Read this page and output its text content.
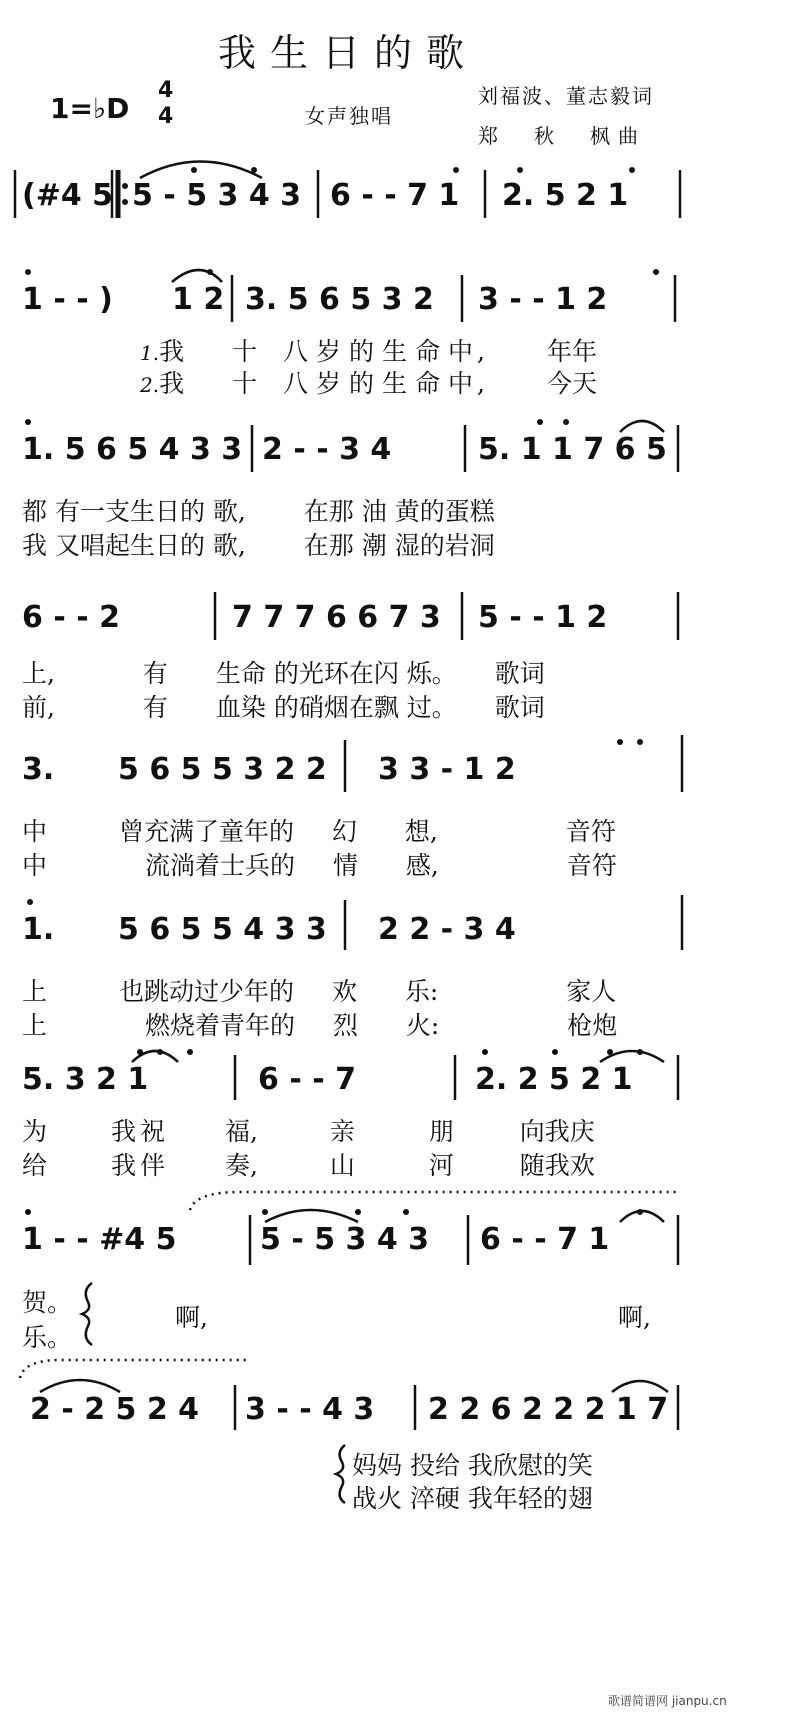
我生日的歌
1=♭D
4
4	女声独唱
刘福波、董志毅词
郑　秋　枫曲
(#4 5 5 - 5 3 4 3 6 - - 7 1 2. 5 2 1
1 - - ) 1 2 3. 5 6 5 3 2 3 - - 1 2
1.我 十 八岁的生命中, 年年
2.我 十 八岁的生命中, 今天
1. 5 6 5 4 3 3 2 - - 3 4	5. 1 1 7 6 5
都 有一支生日的 歌, 在那 油 黄的蛋糕
我 又唱起生日的 歌, 在那 潮 湿的岩洞
6 - - 2	7 7 7 6 6 7 3 5 - - 1 2
上,	有 生命 的光环在闪 烁。 歌词
前,	有 血染 的硝烟在飘 过。 歌词
3. 5 6 5 5 3 2 2 3 3 - 1 2
中	曾充满了童年的 幻 想,	音符
中	流淌着士兵的 情 感,	音符
1. 5 6 5 5 4 3 3 2 2 - 3 4
上	也跳动过少年的 欢 乐:	家人
上	燃烧着青年的 烈 火:	枪炮
5. 3 2 1	6 - - 7	2. 2 5 2 1
为	我祝 福,	亲	朋	向我庆
给	我伴 奏,	山	河	随我欢
1 - - #4 5	5 - 5 3 4 3 6 - - 7 1
贺。
乐。
啊,	啊,
2 - 2 5 2 4 3 - - 4 3 2 2 6 2 2 2 1 7
妈妈 投给 我欣慰的笑
战火 淬硬 我年轻的翅
歌谱简谱网 jianpu.cn
